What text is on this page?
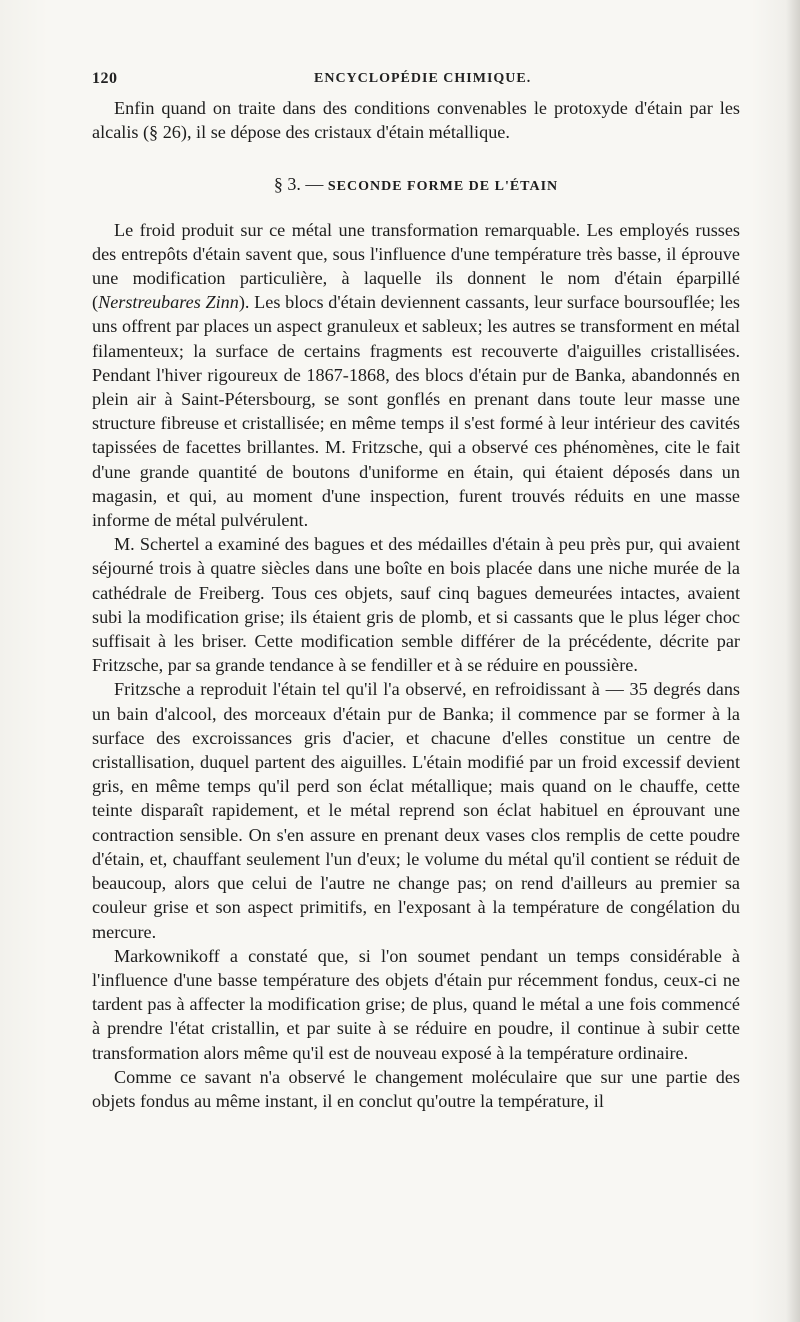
120	ENCYCLOPÉDIE CHIMIQUE.

Enfin quand on traite dans des conditions convenables le protoxyde d'étain par les alcalis (§ 26), il se dépose des cristaux d'étain métallique.

§ 3. — SECONDE FORME DE L'ÉTAIN

Le froid produit sur ce métal une transformation remarquable. Les employés russes des entrepôts d'étain savent que, sous l'influence d'une température très basse, il éprouve une modification particulière, à laquelle ils donnent le nom d'étain éparpillé (Nerstreubares Zinn). Les blocs d'étain deviennent cassants, leur surface boursouflée; les uns offrent par places un aspect granuleux et sableux; les autres se transforment en métal filamenteux; la surface de certains fragments est recouverte d'aiguilles cristallisées. Pendant l'hiver rigoureux de 1867-1868, des blocs d'étain pur de Banka, abandonnés en plein air à Saint-Pétersbourg, se sont gonflés en prenant dans toute leur masse une structure fibreuse et cristallisée; en même temps il s'est formé à leur intérieur des cavités tapissées de facettes brillantes. M. Fritzsche, qui a observé ces phénomènes, cite le fait d'une grande quantité de boutons d'uniforme en étain, qui étaient déposés dans un magasin, et qui, au moment d'une inspection, furent trouvés réduits en une masse informe de métal pulvérulent.

M. Schertel a examiné des bagues et des médailles d'étain à peu près pur, qui avaient séjourné trois à quatre siècles dans une boîte en bois placée dans une niche murée de la cathédrale de Freiberg. Tous ces objets, sauf cinq bagues demeurées intactes, avaient subi la modification grise; ils étaient gris de plomb, et si cassants que le plus léger choc suffisait à les briser. Cette modification semble différer de la précédente, décrite par Fritzsche, par sa grande tendance à se fendiller et à se réduire en poussière.

Fritzsche a reproduit l'étain tel qu'il l'a observé, en refroidissant à — 35 degrés dans un bain d'alcool, des morceaux d'étain pur de Banka; il commence par se former à la surface des excroissances gris d'acier, et chacune d'elles constitue un centre de cristallisation, duquel partent des aiguilles. L'étain modifié par un froid excessif devient gris, en même temps qu'il perd son éclat métallique; mais quand on le chauffe, cette teinte disparaît rapidement, et le métal reprend son éclat habituel en éprouvant une contraction sensible. On s'en assure en prenant deux vases clos remplis de cette poudre d'étain, et, chauffant seulement l'un d'eux; le volume du métal qu'il contient se réduit de beaucoup, alors que celui de l'autre ne change pas; on rend d'ailleurs au premier sa couleur grise et son aspect primitifs, en l'exposant à la température de congélation du mercure.

Markownikoff a constaté que, si l'on soumet pendant un temps considérable à l'influence d'une basse température des objets d'étain pur récemment fondus, ceux-ci ne tardent pas à affecter la modification grise; de plus, quand le métal a une fois commencé à prendre l'état cristallin, et par suite à se réduire en poudre, il continue à subir cette transformation alors même qu'il est de nouveau exposé à la température ordinaire.

Comme ce savant n'a observé le changement moléculaire que sur une partie des objets fondus au même instant, il en conclut qu'outre la température, il
